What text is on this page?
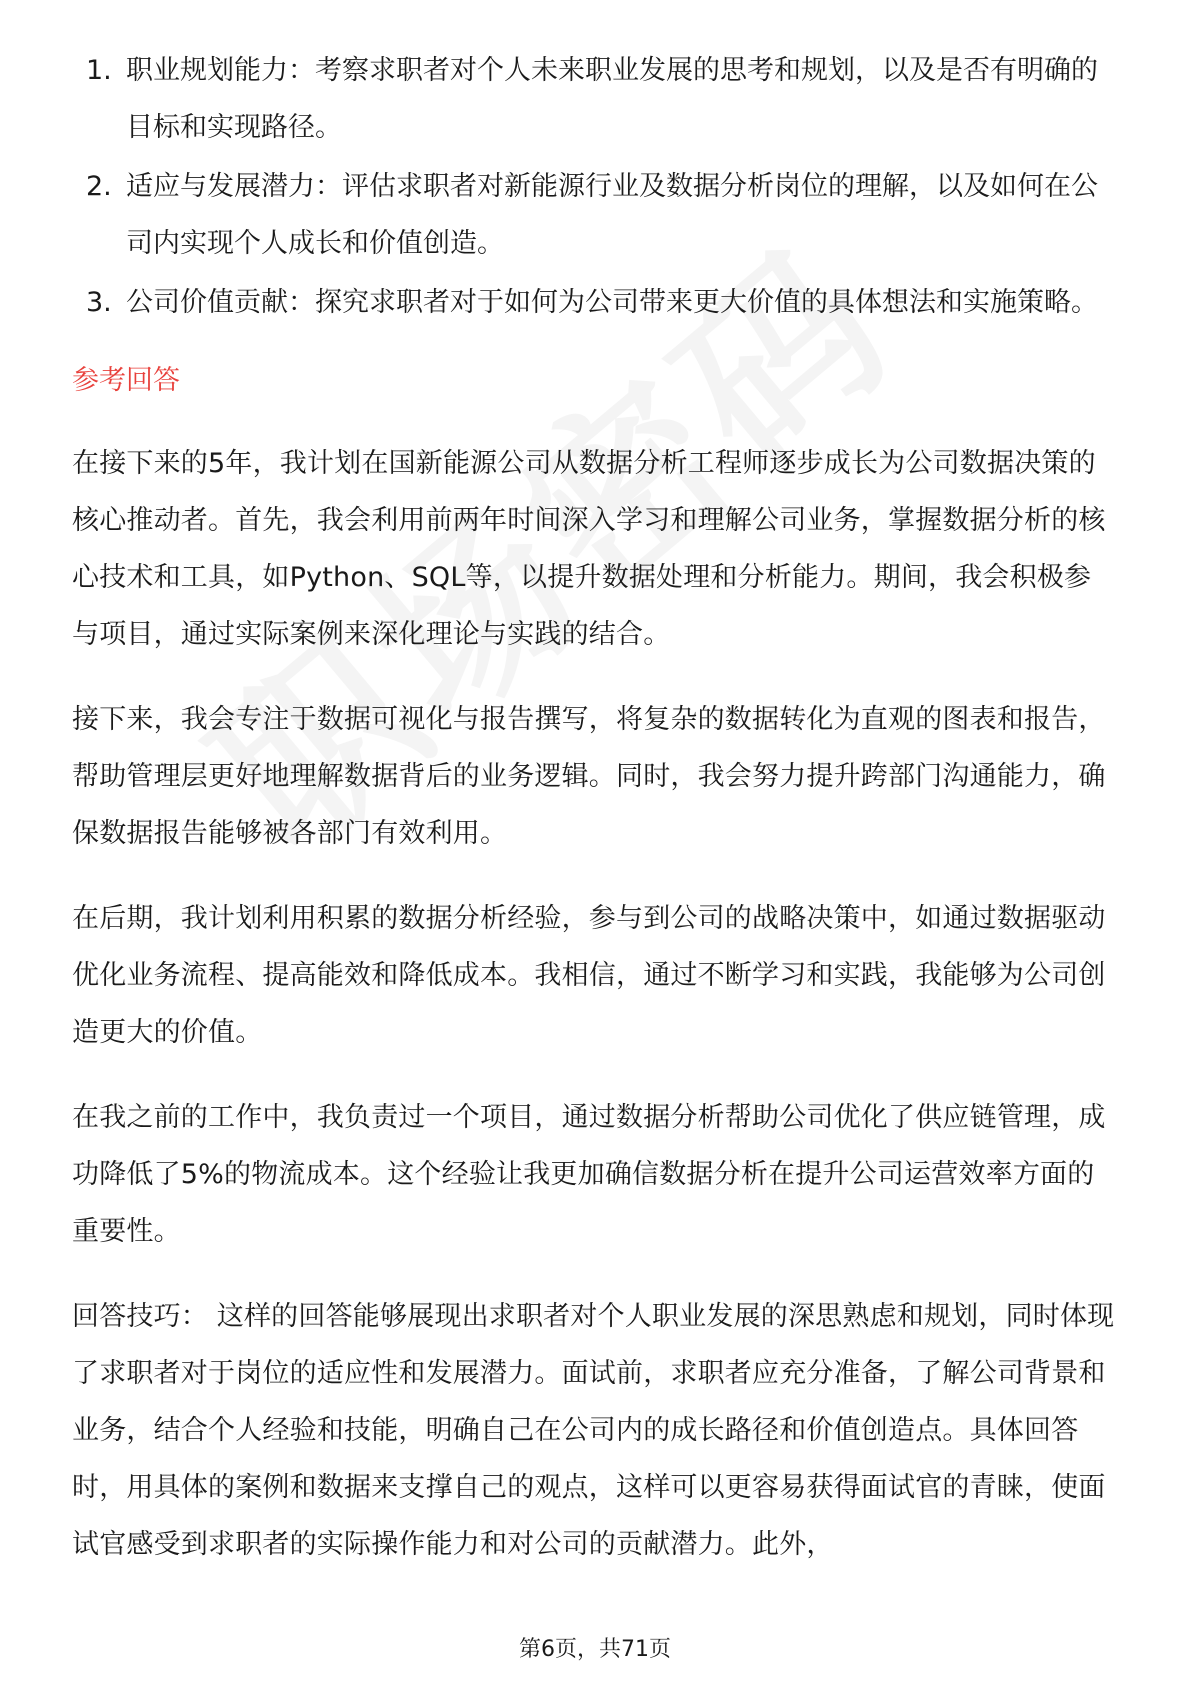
1. 职业规划能力：考察求职者对个人未来职业发展的思考和规划，以及是否有明确的目标和实现路径。
2. 适应与发展潜力：评估求职者对新能源行业及数据分析岗位的理解，以及如何在公司内实现个人成长和价值创造。
3. 公司价值贡献：探究求职者对于如何为公司带来更大价值的具体想法和实施策略。
参考回答

在接下来的5年，我计划在国新能源公司从数据分析工程师逐步成长为公司数据决策的核心推动者。首先，我会利用前两年时间深入学习和理解公司业务，掌握数据分析的核心技术和工具，如Python、SQL等，以提升数据处理和分析能力。期间，我会积极参与项目，通过实际案例来深化理论与实践的结合。

接下来，我会专注于数据可视化与报告撰写，将复杂的数据转化为直观的图表和报告，帮助管理层更好地理解数据背后的业务逻辑。同时，我会努力提升跨部门沟通能力，确保数据报告能够被各部门有效利用。

在后期，我计划利用积累的数据分析经验，参与到公司的战略决策中，如通过数据驱动优化业务流程、提高能效和降低成本。我相信，通过不断学习和实践，我能够为公司创造更大的价值。

在我之前的工作中，我负责过一个项目，通过数据分析帮助公司优化了供应链管理，成功降低了5%的物流成本。这个经验让我更加确信数据分析在提升公司运营效率方面的重要性。

回答技巧： 这样的回答能够展现出求职者对个人职业发展的深思熟虑和规划，同时体现了求职者对于岗位的适应性和发展潜力。面试前，求职者应充分准备，了解公司背景和业务，结合个人经验和技能，明确自己在公司内的成长路径和价值创造点。具体回答时，用具体的案例和数据来支撑自己的观点，这样可以更容易获得面试官的青睐，使面试官感受到求职者的实际操作能力和对公司的贡献潜力。此外，

第6页，共71页
